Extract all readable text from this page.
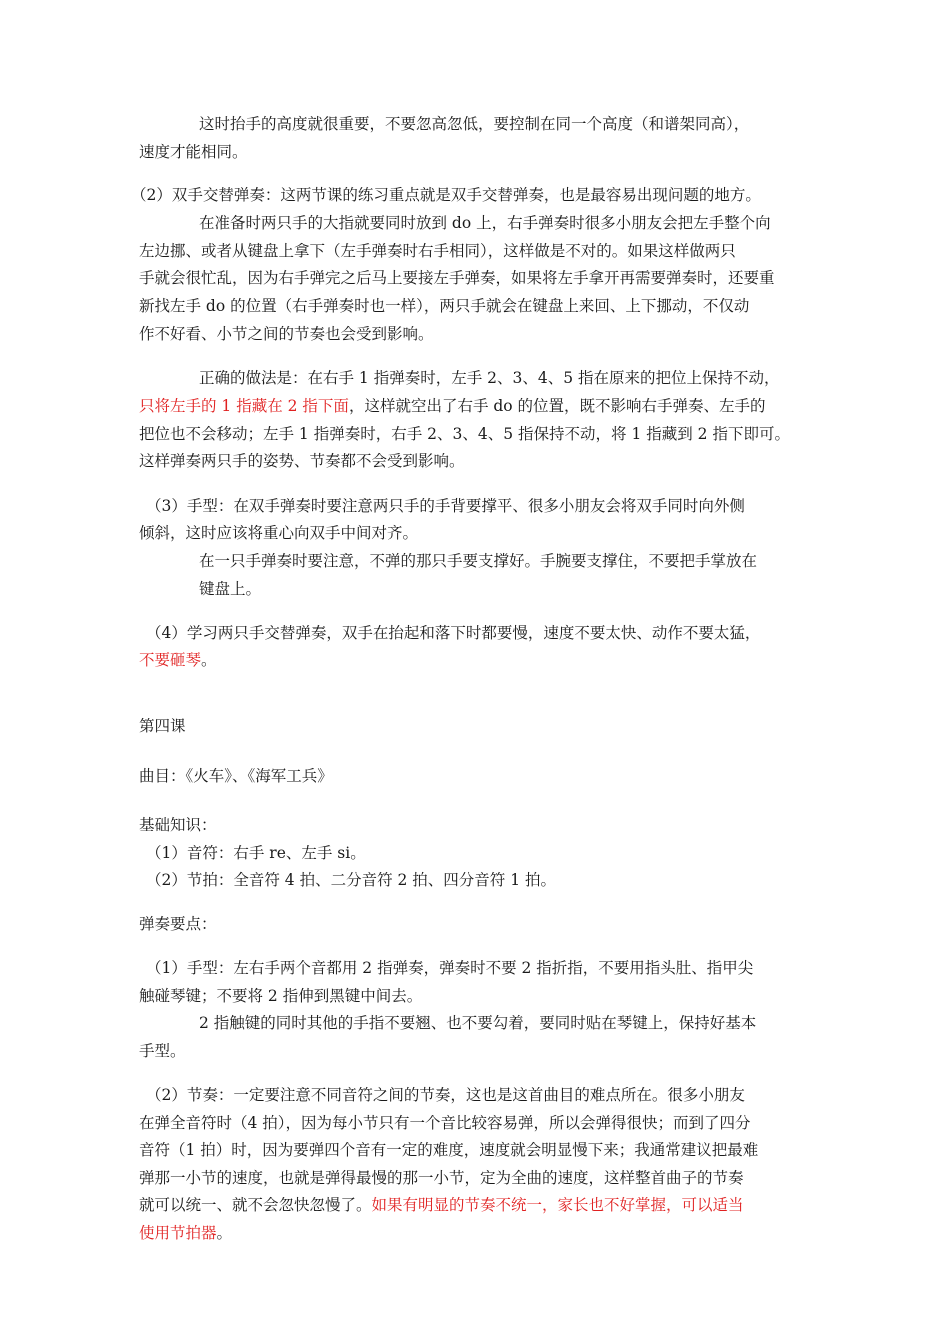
这时抬手的高度就很重要，不要忽高忽低，要控制在同一个高度（和谱架同高），
速度才能相同。
（2）双手交替弹奏：这两节课的练习重点就是双手交替弹奏，也是最容易出现问题的地方。
在准备时两只手的大指就要同时放到 do 上，右手弹奏时很多小朋友会把左手整个向
左边挪、或者从键盘上拿下（左手弹奏时右手相同），这样做是不对的。如果这样做两只
手就会很忙乱，因为右手弹完之后马上要接左手弹奏，如果将左手拿开再需要弹奏时，还要重
新找左手 do 的位置（右手弹奏时也一样），两只手就会在键盘上来回、上下挪动，不仅动
作不好看、小节之间的节奏也会受到影响。
正确的做法是：在右手 1 指弹奏时，左手 2、3、4、5 指在原来的把位上保持不动，
只将左手的 1 指藏在 2 指下面，这样就空出了右手 do 的位置，既不影响右手弹奏、左手的
把位也不会移动；左手 1 指弹奏时，右手 2、3、4、5 指保持不动，将 1 指藏到 2 指下即可。
这样弹奏两只手的姿势、节奏都不会受到影响。
（3）手型：在双手弹奏时要注意两只手的手背要撑平、很多小朋友会将双手同时向外侧
倾斜，这时应该将重心向双手中间对齐。
在一只手弹奏时要注意，不弹的那只手要支撑好。手腕要支撑住，不要把手掌放在
键盘上。
（4）学习两只手交替弹奏，双手在抬起和落下时都要慢，速度不要太快、动作不要太猛，
不要砸琴。
第四课
曲目：《火车》、《海军工兵》
基础知识：
（1）音符：右手 re、左手 si。
（2）节拍：全音符 4 拍、二分音符 2 拍、四分音符 1 拍。
弹奏要点：
（1）手型：左右手两个音都用 2 指弹奏，弹奏时不要 2 指折指，不要用指头肚、指甲尖
触碰琴键；不要将 2 指伸到黑键中间去。
2 指触键的同时其他的手指不要翘、也不要勾着，要同时贴在琴键上，保持好基本
手型。
（2）节奏：一定要注意不同音符之间的节奏，这也是这首曲目的难点所在。很多小朋友
在弹全音符时（4 拍），因为每小节只有一个音比较容易弹，所以会弹得很快；而到了四分
音符（1 拍）时，因为要弹四个音有一定的难度，速度就会明显慢下来；我通常建议把最难
弹那一小节的速度，也就是弹得最慢的那一小节，定为全曲的速度，这样整首曲子的节奏
就可以统一、就不会忽快忽慢了。如果有明显的节奏不统一，家长也不好掌握，可以适当
使用节拍器。
